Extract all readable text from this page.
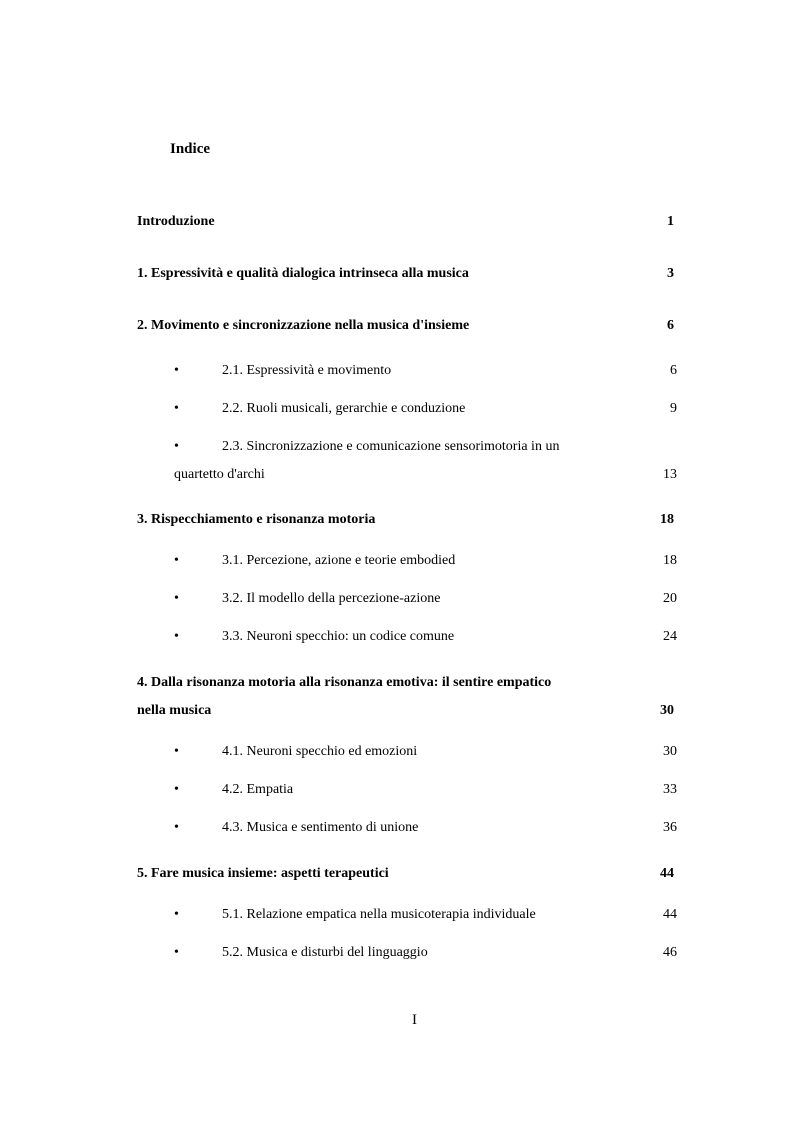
Indice
Introduzione	1
1. Espressività e qualità dialogica intrinseca alla musica	3
2. Movimento e sincronizzazione nella musica d'insieme	6
•	2.1. Espressività e movimento	6
•	2.2. Ruoli musicali, gerarchie e conduzione	9
•	2.3. Sincronizzazione e comunicazione sensorimotoria in un
quartetto d'archi	13
3. Rispecchiamento e risonanza motoria	18
•	3.1. Percezione, azione e teorie embodied	18
•	3.2. Il modello della percezione-azione	20
•	3.3. Neuroni specchio: un codice comune	24
4. Dalla risonanza motoria alla risonanza emotiva: il sentire empatico
nella musica	30
•	4.1. Neuroni specchio ed emozioni	30
•	4.2. Empatia	33
•	4.3. Musica e sentimento di unione	36
5. Fare musica insieme: aspetti terapeutici	44
•	5.1. Relazione empatica nella musicoterapia individuale	44
•	5.2. Musica e disturbi del linguaggio	46
I
